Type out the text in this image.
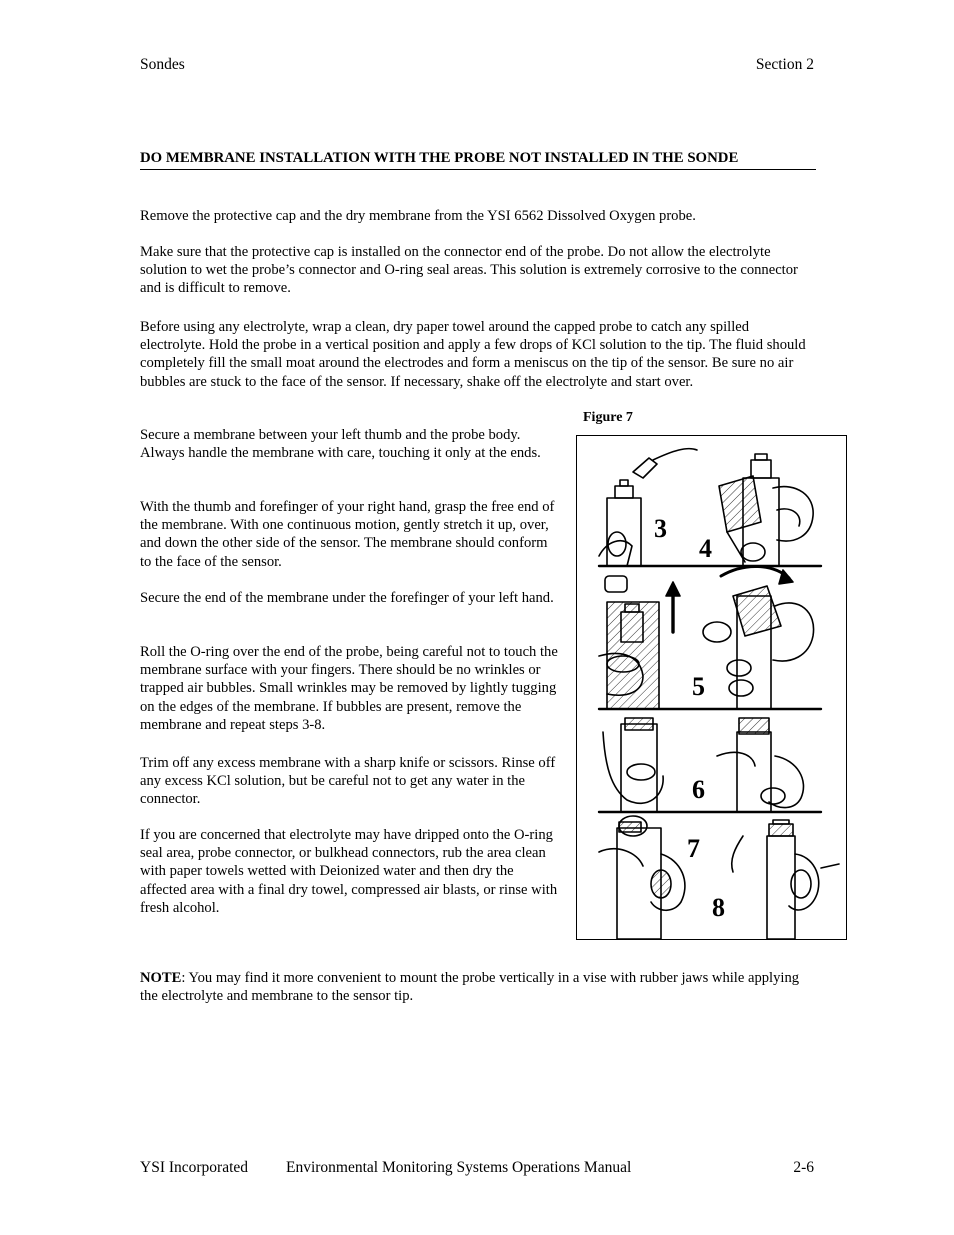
Sondes	Section 2
DO MEMBRANE INSTALLATION WITH THE PROBE NOT INSTALLED IN THE SONDE

Remove the protective cap and the dry membrane from the YSI 6562 Dissolved Oxygen probe.

Make sure that the protective cap is installed on the connector end of the probe. Do not allow the electrolyte solution to wet the probe’s connector and O-ring seal areas. This solution is extremely corrosive to the connector and is difficult to remove.

Before using any electrolyte, wrap a clean, dry paper towel around the capped probe to catch any spilled electrolyte. Hold the probe in a vertical position and apply a few drops of KCl solution to the tip. The fluid should completely fill the small moat around the electrodes and form a meniscus on the tip of the sensor. Be sure no air bubbles are stuck to the face of the sensor. If necessary, shake off the electrolyte and start over.

Secure a membrane between your left thumb and the probe body. Always handle the membrane with care, touching it only at the ends.

With the thumb and forefinger of your right hand, grasp the free end of the membrane. With one continuous motion, gently stretch it up, over, and down the other side of the sensor. The membrane should conform to the face of the sensor.

Secure the end of the membrane under the forefinger of your left hand.

Roll the O-ring over the end of the probe, being careful not to touch the membrane surface with your fingers. There should be no wrinkles or trapped air bubbles. Small wrinkles may be removed by lightly tugging on the edges of the membrane. If bubbles are present, remove the membrane and repeat steps 3-8.

Trim off any excess membrane with a sharp knife or scissors. Rinse off any excess KCl solution, but be careful not to get any water in the connector.

If you are concerned that electrolyte may have dripped onto the O-ring seal area, probe connector, or bulkhead connectors, rub the area clean with paper towels wetted with Deionized water and then dry the affected area with a final dry towel, compressed air blasts, or rinse with fresh alcohol.

Figure 7
3
4
5
6
7
8

NOTE: You may find it more convenient to mount the probe vertically in a vise with rubber jaws while applying the electrolyte and membrane to the sensor tip.

YSI Incorporated Environmental Monitoring Systems Operations Manual	2-6
